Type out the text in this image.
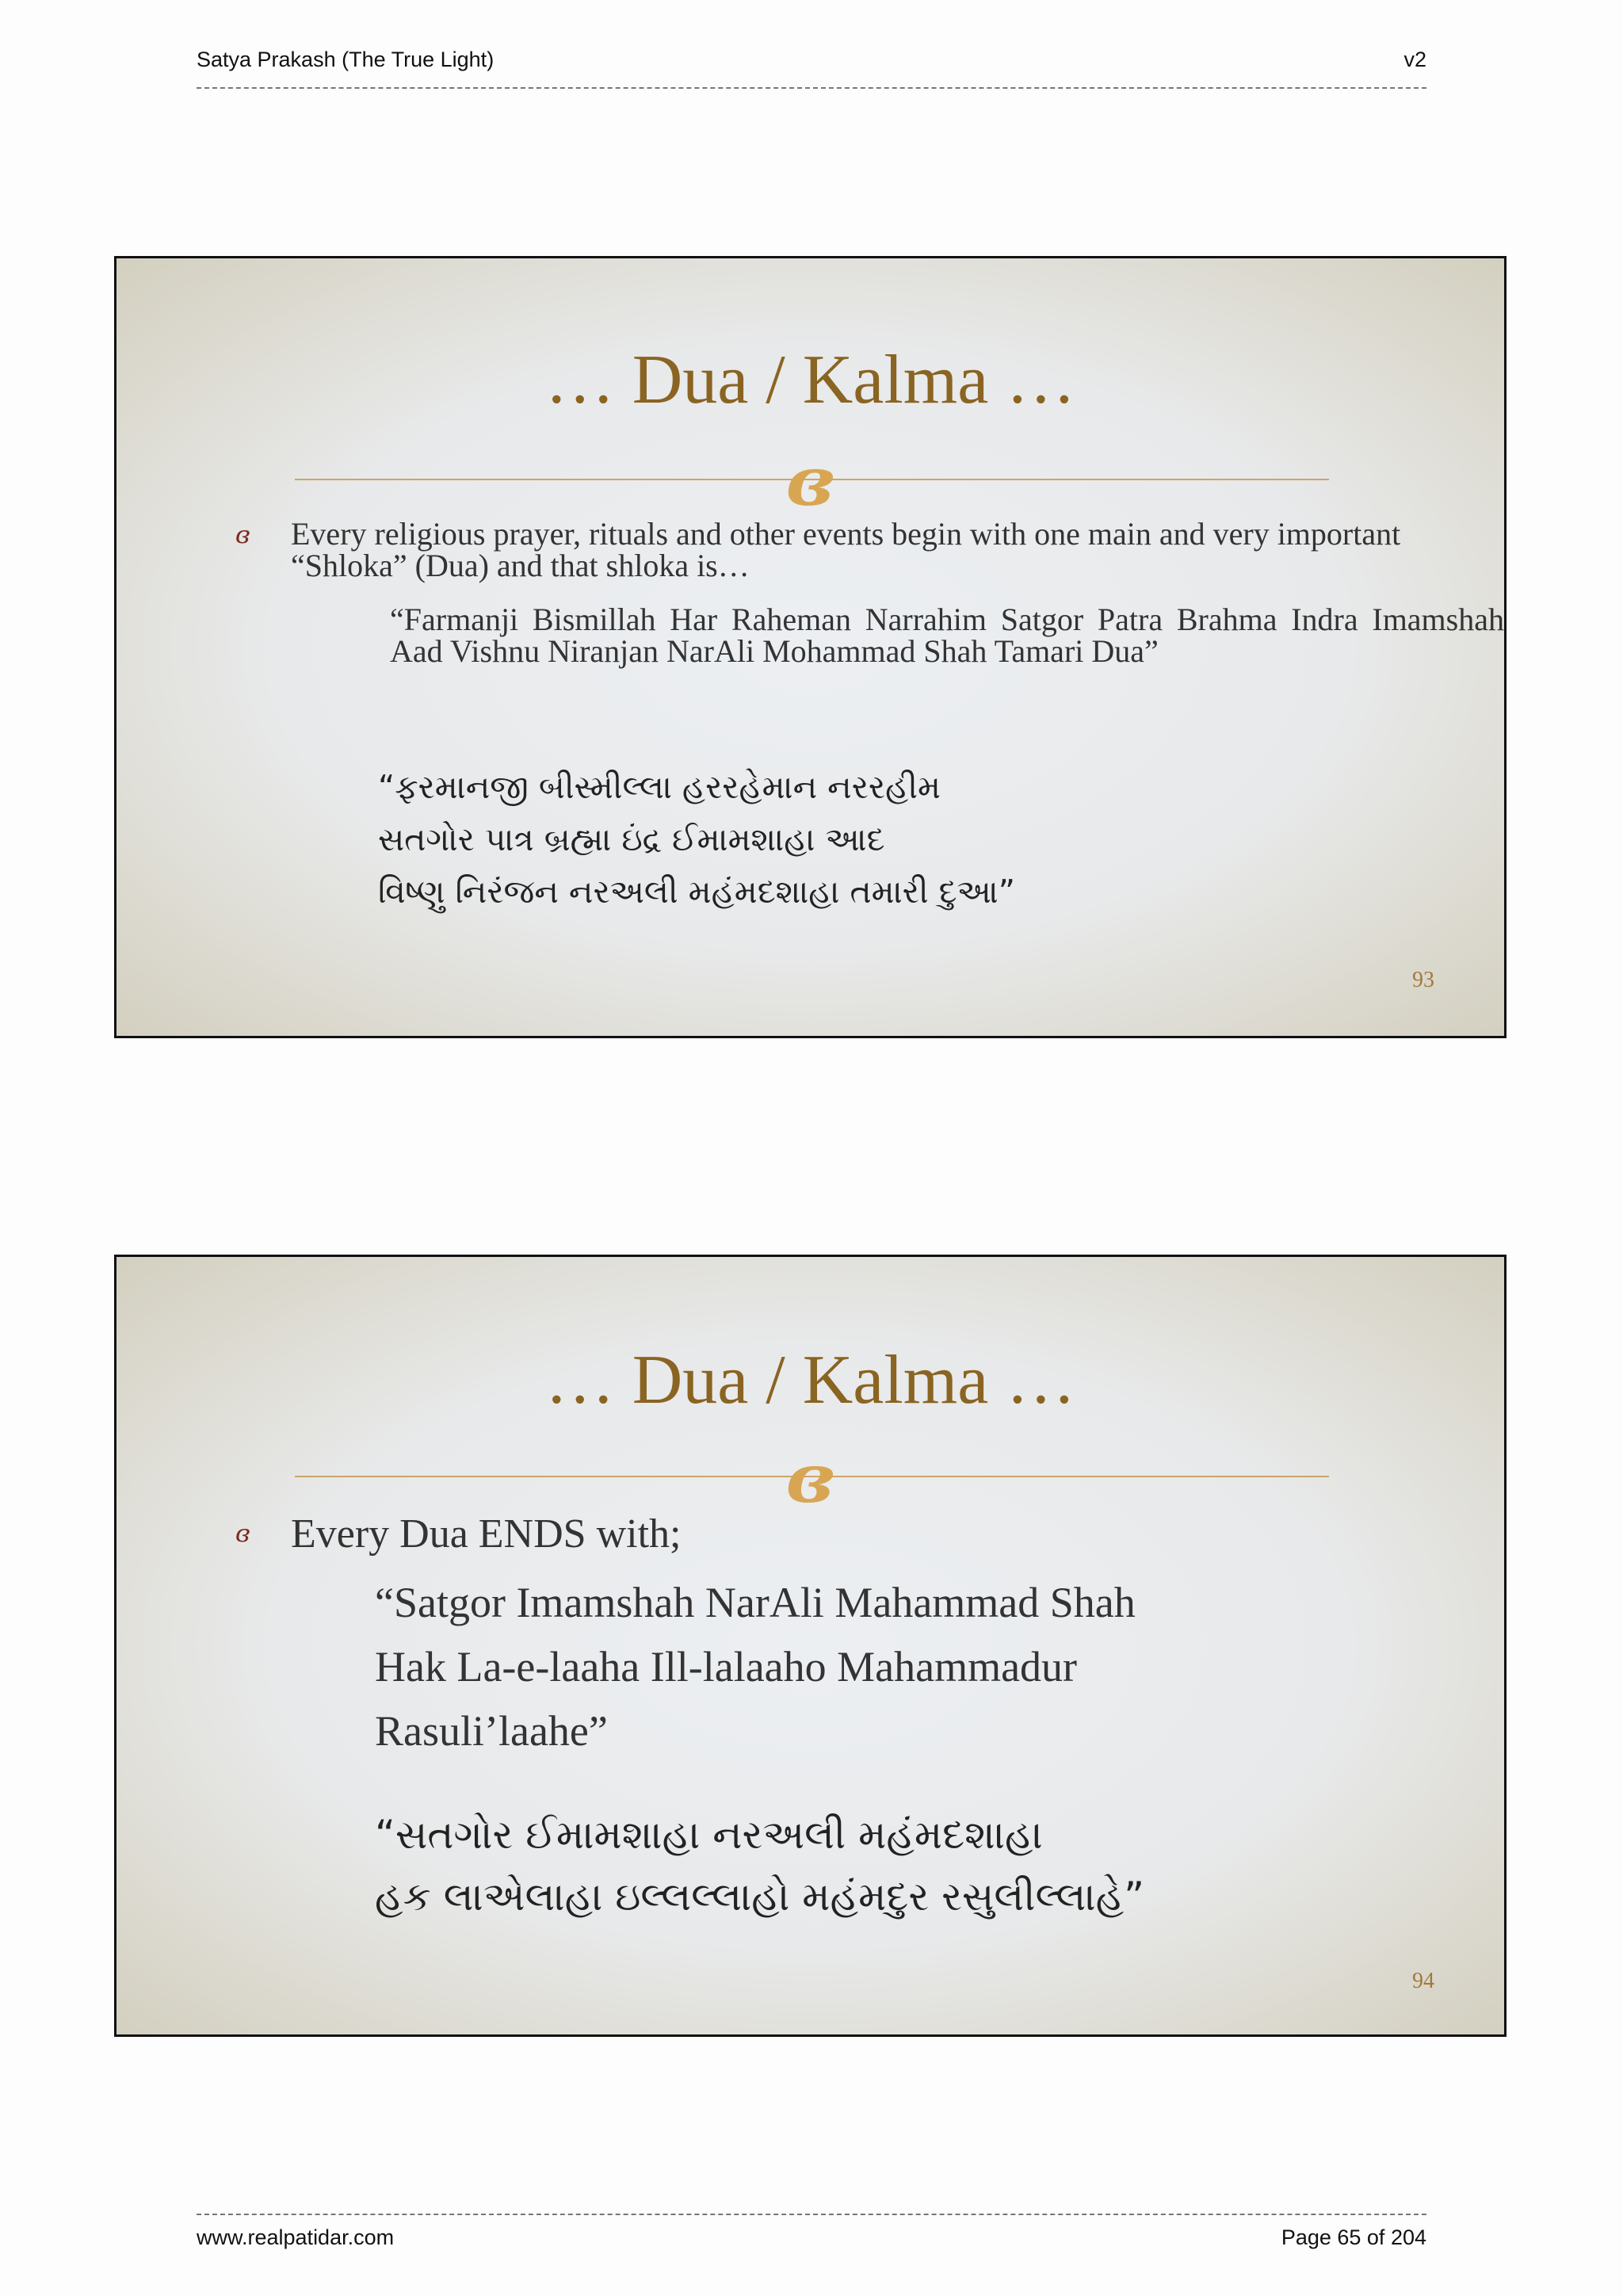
Satya Prakash (The True Light)	v2
… Dua / Kalma …
ɞ
ɞ Every religious prayer, rituals and other events begin with one main and very important “Shloka” (Dua) and that shloka is…
“Farmanji Bismillah Har Raheman Narrahim Satgor Patra Brahma Indra Imamshah Aad Vishnu Niranjan NarAli Mohammad Shah Tamari Dua”
“ફરમાનજી બીસ્મીલ્લા હરરહેમાન નરરહીમ
સતગોર પાત્ર બ્રહ્મા ઇંદ્ર ઈમામશાહા આદ
વિષ્ણુ નિરંજન નરઅલી મહંમદશાહા તમારી દુઆ”
93
… Dua / Kalma …
ɞ
ɞ Every Dua ENDS with;
“Satgor Imamshah NarAli Mahammad Shah
Hak La-e-laaha Ill-lalaaho Mahammadur
Rasuli’laahe”
“સતગોર ઈમામશાહા નરઅલી મહંમદશાહા
હક લાએલાહા ઇલ્લલ્લાહો મહંમદુર રસુલીલ્લાહે”
94
www.realpatidar.com	Page 65 of 204
